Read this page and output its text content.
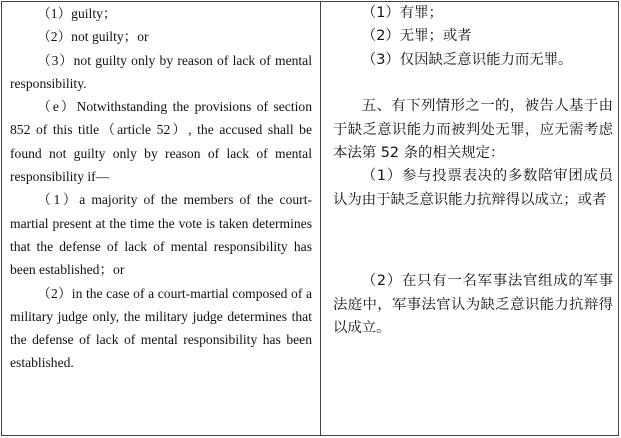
（1）guilty；

（2）not guilty；or

（3）not guilty only by reason of lack of mental responsibility.

（e）Notwithstanding the provisions of section 852 of this title（article 52）, the accused shall be found not guilty only by reason of lack of mental responsibility if—

（1）a majority of the members of the court-martial present at the time the vote is taken determines that the defense of lack of mental responsibility has been established；or

（2）in the case of a court-martial composed of a military judge only, the military judge determines that the defense of lack of mental responsibility has been established.

（1）有罪；

（2）无罪；或者

（3）仅因缺乏意识能力而无罪。

五、有下列情形之一的，被告人基于由于缺乏意识能力而被判处无罪，应无需考虑本法第 52 条的相关规定：

（1）参与投票表决的多数陪审团成员认为由于缺乏意识能力抗辩得以成立；或者

（2）在只有一名军事法官组成的军事法庭中，军事法官认为缺乏意识能力抗辩得以成立。
